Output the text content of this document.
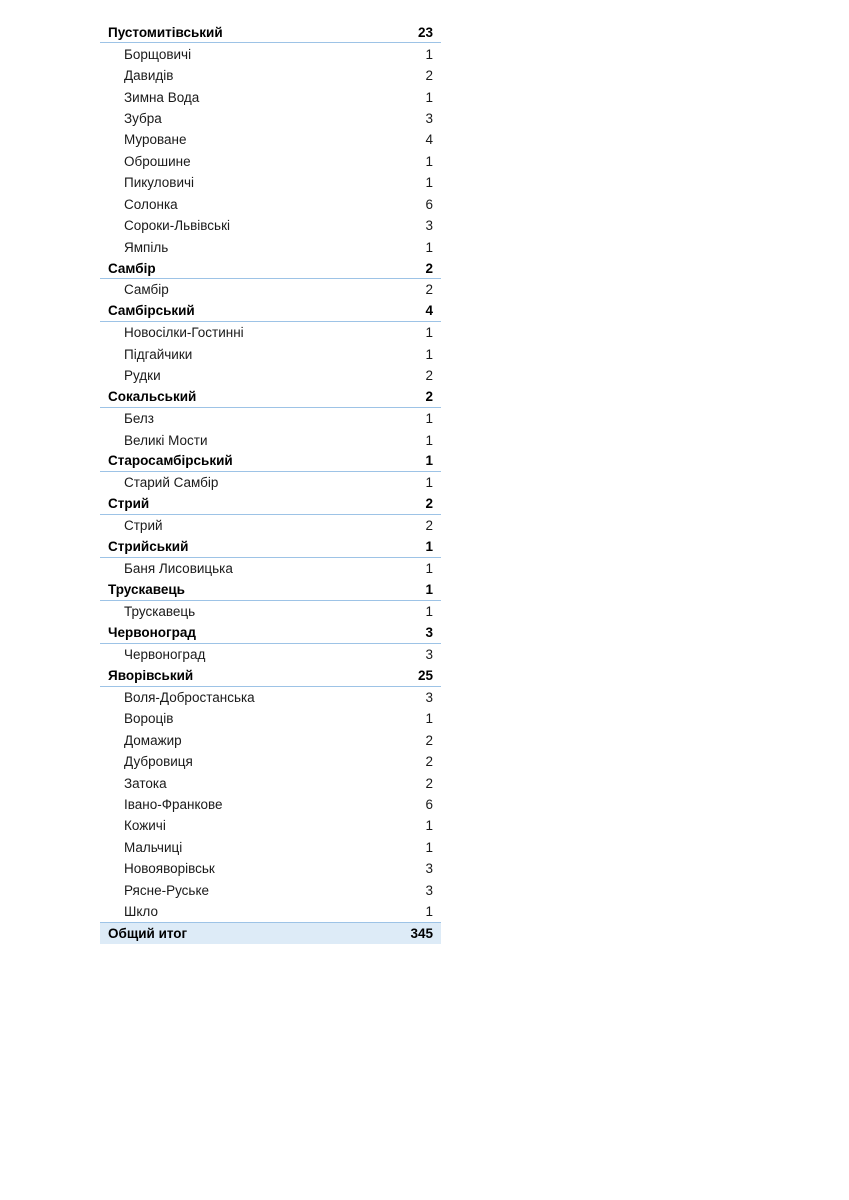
Пустомитівський	23
Борщовичі	1
Давидів	2
Зимна Вода	1
Зубра	3
Муроване	4
Оброшине	1
Пикуловичі	1
Солонка	6
Сороки-Львівські	3
Ямпіль	1
Самбір	2
Самбір	2
Самбірський	4
Новосілки-Гостинні	1
Підгайчики	1
Рудки	2
Сокальський	2
Белз	1
Великі Мости	1
Старосамбірський	1
Старий Самбір	1
Стрий	2
Стрий	2
Стрийський	1
Баня Лисовицька	1
Трускавець	1
Трускавець	1
Червоноград	3
Червоноград	3
Яворівський	25
Воля-Добростанська	3
Вороців	1
Домажир	2
Дубровиця	2
Затока	2
Івано-Франкове	6
Кожичі	1
Мальчиці	1
Новояворівськ	3
Рясне-Руське	3
Шкло	1
Общий итог	345
